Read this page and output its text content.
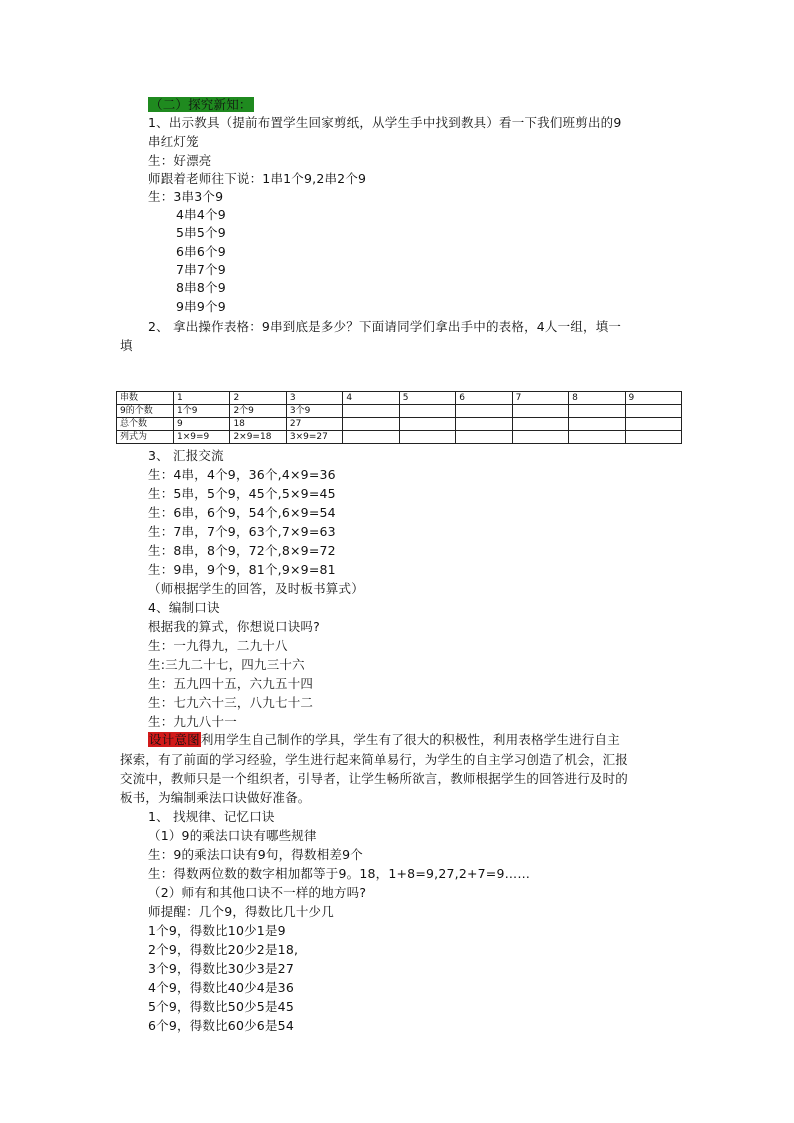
（二）探究新知：
1、出示教具（提前布置学生回家剪纸，从学生手中找到教具）看一下我们班剪出的9
串红灯笼
生：好漂亮
师跟着老师往下说：1串1个9,2串2个9
生：3串3个9
4串4个9
5串5个9
6串6个9
7串7个9
8串8个9
9串9个9
2、 拿出操作表格：9串到底是多少？下面请同学们拿出手中的表格，4人一组，填一
填
串数	1	2	3	4	5	6	7	8	9
9的个数	1个9	2个9	3个9						
总个数	9	18	27						
列式为	1×9=9	2×9=18	3×9=27						
3、 汇报交流
生：4串，4个9，36个,4×9=36
生：5串，5个9，45个,5×9=45
生：6串，6个9，54个,6×9=54
生：7串，7个9，63个,7×9=63
生：8串，8个9，72个,8×9=72
生：9串，9个9，81个,9×9=81
（师根据学生的回答，及时板书算式）
4、编制口诀
根据我的算式，你想说口诀吗?
生：一九得九，二九十八
生:三九二十七，四九三十六
生：五九四十五，六九五十四
生：七九六十三，八九七十二
生：九九八十一
设计意图利用学生自己制作的学具，学生有了很大的积极性，利用表格学生进行自主
探索，有了前面的学习经验，学生进行起来简单易行，为学生的自主学习创造了机会，汇报
交流中，教师只是一个组织者，引导者，让学生畅所欲言，教师根据学生的回答进行及时的
板书，为编制乘法口诀做好准备。
1、 找规律、记忆口诀
（1）9的乘法口诀有哪些规律
生：9的乘法口诀有9句，得数相差9个
生：得数两位数的数字相加都等于9。18，1+8=9,27,2+7=9……
（2）师有和其他口诀不一样的地方吗?
师提醒：几个9，得数比几十少几
1个9，得数比10少1是9
2个9，得数比20少2是18,
3个9，得数比30少3是27
4个9，得数比40少4是36
5个9，得数比50少5是45
6个9，得数比60少6是54
